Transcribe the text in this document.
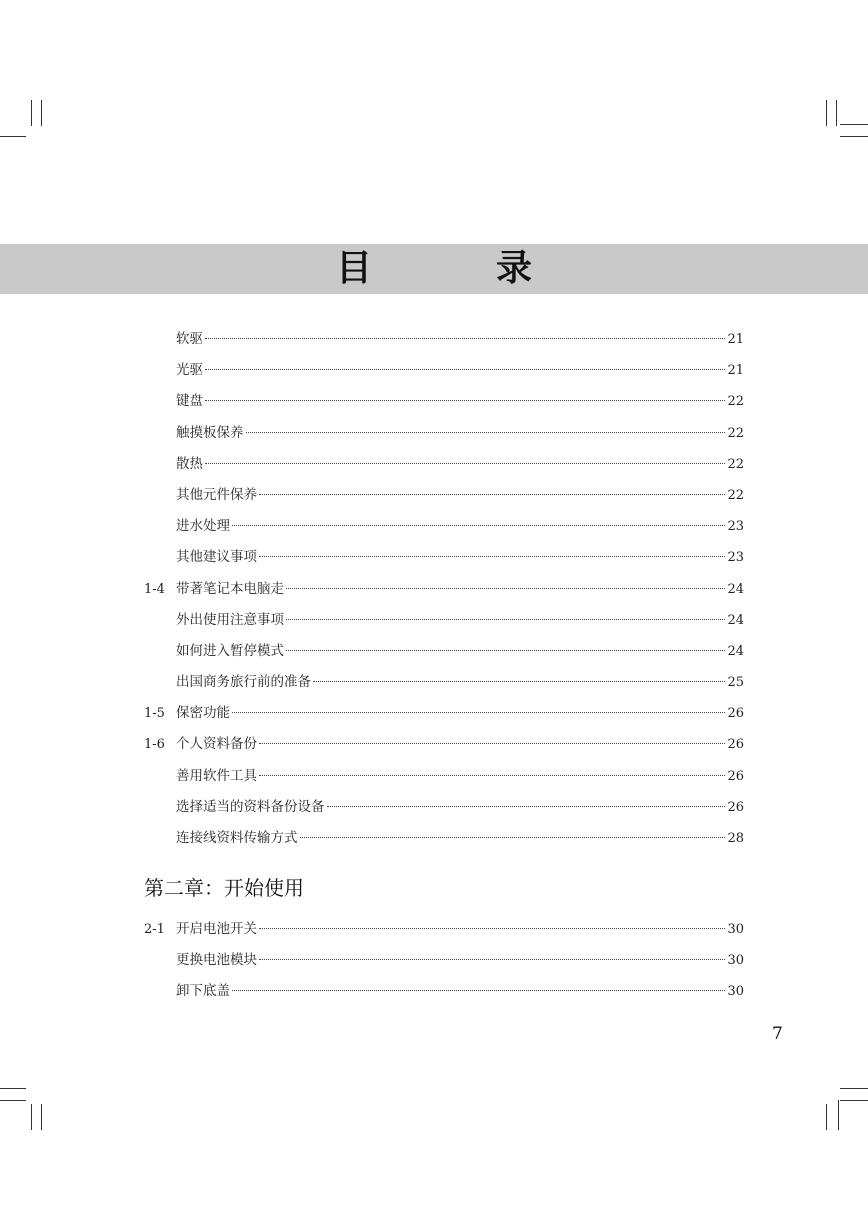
目　录
软驱	21
光驱	21
键盘	22
触摸板保养	22
散热	22
其他元件保养	22
进水处理	23
其他建议事项	23
1-4 带著笔记本电脑走	24
外出使用注意事项	24
如何进入暂停模式	24
出国商务旅行前的准备	25
1-5 保密功能	26
1-6 个人资料备份	26
善用软件工具	26
选择适当的资料备份设备	26
连接线资料传输方式	28
第二章：开始使用
2-1 开启电池开关	30
更换电池模块	30
卸下底盖	30
7
